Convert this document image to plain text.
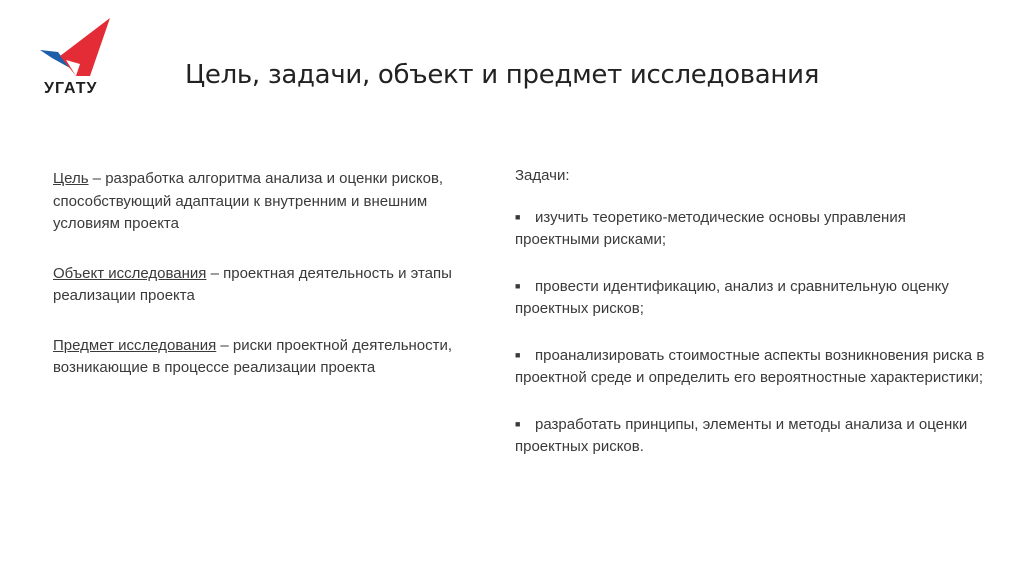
УГАТУ	Цель, задачи, объект и предмет исследования

Цель – разработка алгоритма анализа и оценки рисков, способствующий адаптации к внутренним и внешним условиям проекта

Объект исследования – проектная деятельность и этапы реализации проекта

Предмет исследования – риски проектной деятельности, возникающие в процессе реализации проекта

Задачи:

■ изучить теоретико-методические основы управления проектными рисками;

■ провести идентификацию, анализ и сравнительную оценку проектных рисков;

■ проанализировать стоимостные аспекты возникновения риска в проектной среде и определить его вероятностные характеристики;

■ разработать принципы, элементы и методы анализа и оценки проектных рисков.
